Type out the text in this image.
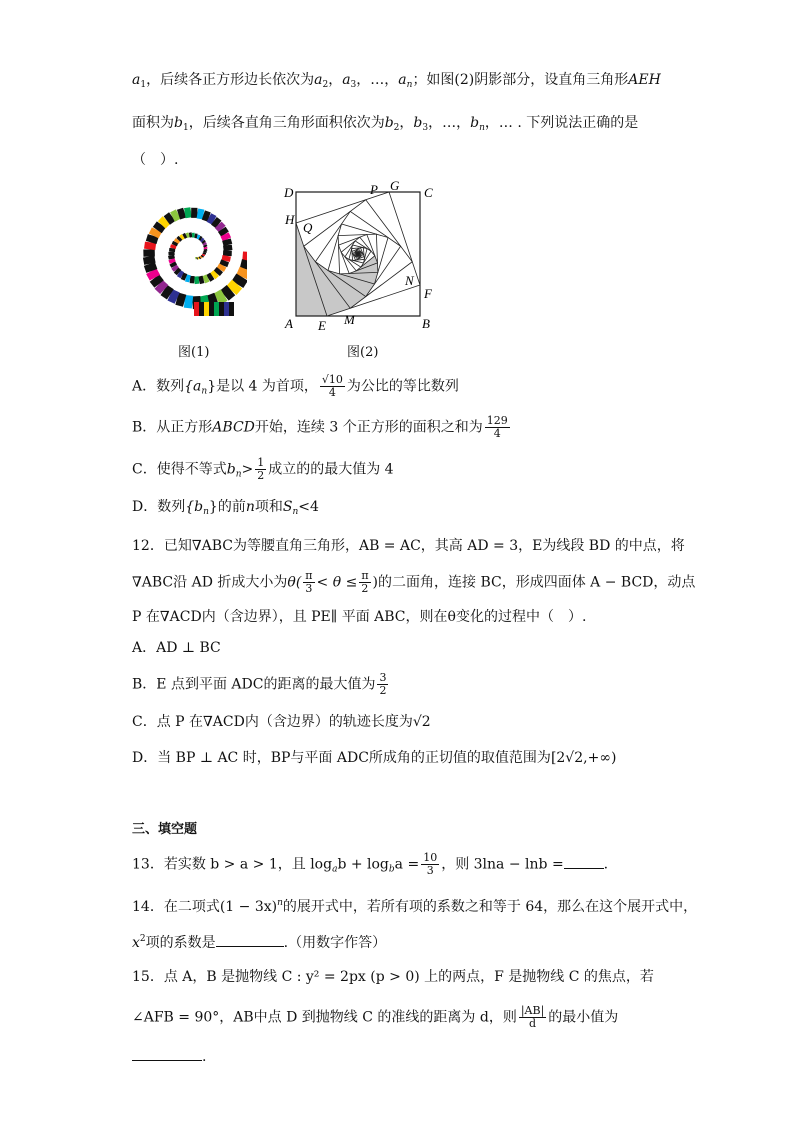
$a_1$，后续各正方形边长依次为$a_2$，$a_3$，…，$a_n$；如图(2)阴影部分，设直角三角形AEH
面积为$b_1$，后续各直角三角形面积依次为$b_2$，$b_3$，…，$b_n$，… . 下列说法正确的是
（　）.
图(1)
D	P G C
H
Q
N
F
A E M	B
图(2)
A．数列$\{a_n\}$是以 4 为首项， $\frac{√10}{4}$ 为公比的等比数列
B．从正方形ABCD开始，连续 3 个正方形的面积之和为 $\frac{129}{4}$
C．使得不等式$b_n> \frac{1}{2}$ 成立的的最大值为 4
D．数列$\{b_n\}$的前n项和$S_n<4$
12．已知∇ABC为等腰直角三角形，AB = AC，其高 AD = 3，E为线段 BD 的中点，将
∇ABC沿 AD 折成大小为$\theta( \frac{\pi}{3} < \theta \le \frac{\pi}{2}$ )的二面角，连接 BC，形成四面体 A − BCD，动点
P 在∇ACD内（含边界），且 PE∥ 平面 ABC，则在θ变化的过程中（　）.
A．AD ⊥ BC
B．E 点到平面 ADC的距离的最大值为 $\frac{3}{2}$
C．点 P 在∇ACD内（含边界）的轨迹长度为√2
D．当 BP ⊥ AC 时，BP与平面 ADC所成角的正切值的取值范围为[2√2,+∞)
三、填空题
13．若实数 b > a > 1，且 $\log_ab + \log_ba = \frac{10}{3}$ ，则 3lna − lnb =	.
14．在二项式$(1 - 3x)^n$的展开式中，若所有项的系数之和等于 64，那么在这个展开式中，
$x^2$项的系数是	.（用数字作答）
15．点 A，B 是抛物线 C : y² = 2px (p > 0) 上的两点，F 是抛物线 C 的焦点，若
∠AFB = 90°，AB中点 D 到抛物线 C 的准线的距离为 d，则 $\frac{|AB|}{d}$ 的最小值为
.
